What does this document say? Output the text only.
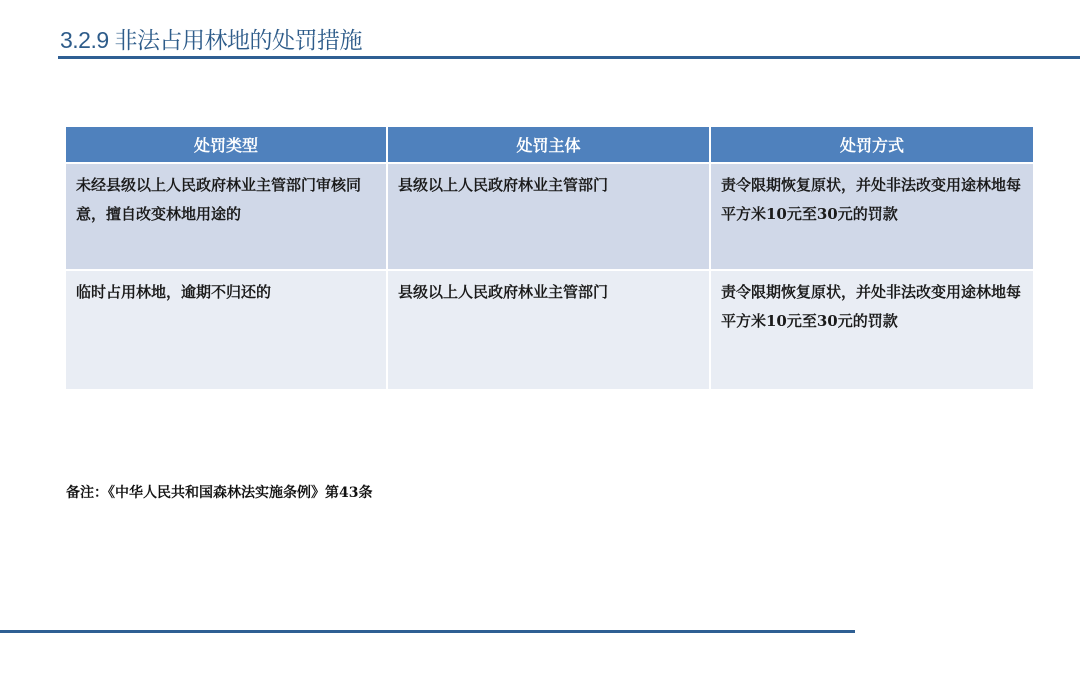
3.2.9 非法占用林地的处罚措施
处罚类型	处罚主体	处罚方式
未经县级以上人民政府林业主管部门审核同意，擅自改变林地用途的	县级以上人民政府林业主管部门	责令限期恢复原状，并处非法改变用途林地每平方米10元至30元的罚款
临时占用林地，逾期不归还的	县级以上人民政府林业主管部门	责令限期恢复原状，并处非法改变用途林地每平方米10元至30元的罚款
备注：《中华人民共和国森林法实施条例》第43条
